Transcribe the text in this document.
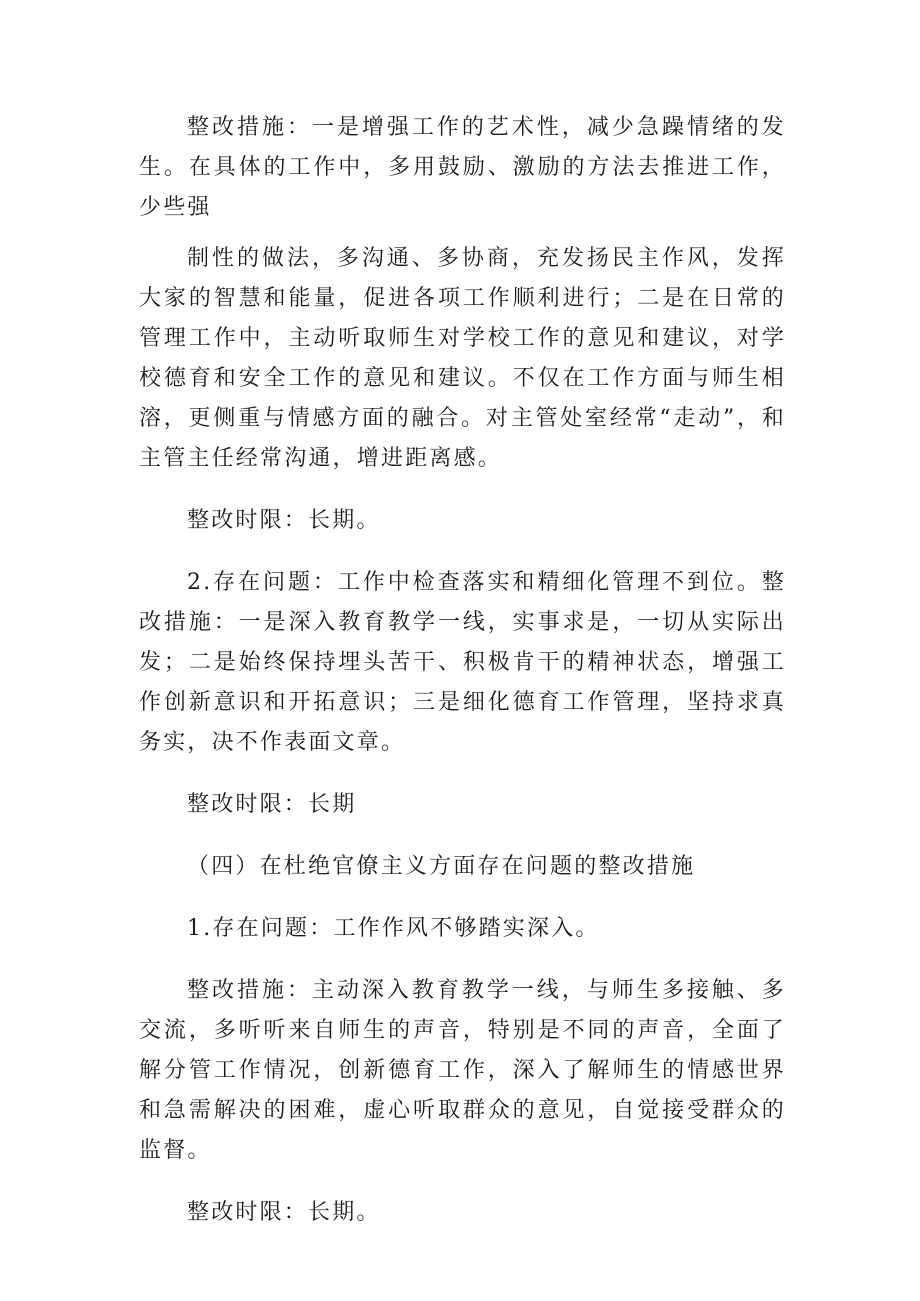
整改措施：一是增强工作的艺术性，减少急躁情绪的发生。在具体的工作中，多用鼓励、激励的方法去推进工作，少些强

制性的做法，多沟通、多协商，充发扬民主作风，发挥大家的智慧和能量，促进各项工作顺利进行；二是在日常的管理工作中，主动听取师生对学校工作的意见和建议，对学校德育和安全工作的意见和建议。不仅在工作方面与师生相溶，更侧重与情感方面的融合。对主管处室经常“走动”，和主管主任经常沟通，增进距离感。

整改时限：长期。

2.存在问题：工作中检查落实和精细化管理不到位。整改措施：一是深入教育教学一线，实事求是，一切从实际出发；二是始终保持埋头苦干、积极肯干的精神状态，增强工作创新意识和开拓意识；三是细化德育工作管理，坚持求真务实，决不作表面文章。

整改时限：长期

（四）在杜绝官僚主义方面存在问题的整改措施

1.存在问题：工作作风不够踏实深入。

整改措施：主动深入教育教学一线，与师生多接触、多交流，多听听来自师生的声音，特别是不同的声音，全面了解分管工作情况，创新德育工作，深入了解师生的情感世界和急需解决的困难，虚心听取群众的意见，自觉接受群众的监督。

整改时限：长期。
